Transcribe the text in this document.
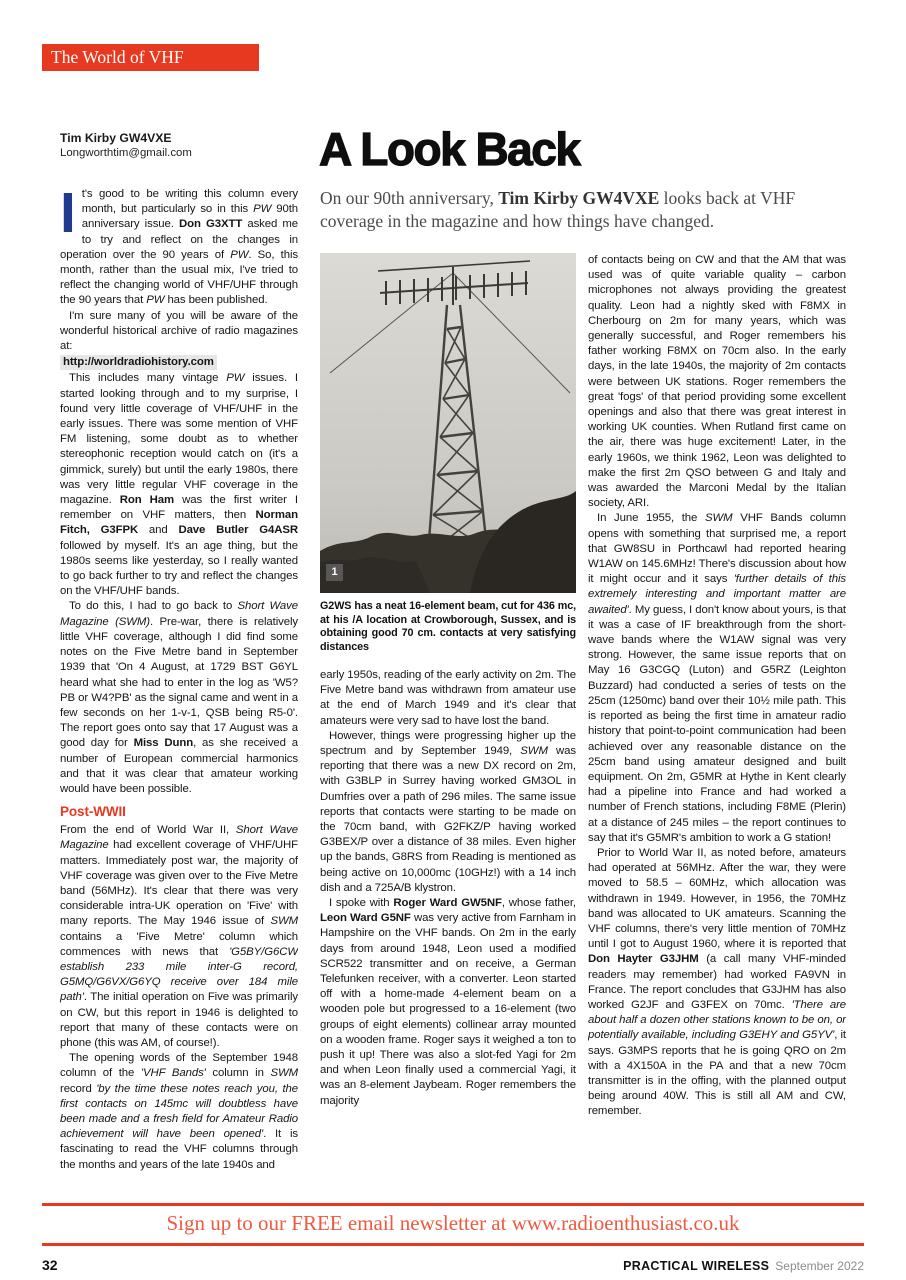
The World of VHF
Tim Kirby GW4VXE
Longworthtim@gmail.com	A Look Back
On our 90th anniversary, Tim Kirby GW4VXE looks back at VHF coverage in the magazine and how things have changed.

It's good to be writing this column every month, but particularly so in this PW 90th anniversary issue. Don G3XTT asked me to try and reflect on the changes in operation over the 90 years of PW. So, this month, rather than the usual mix, I've tried to reflect the changing world of VHF/UHF through the 90 years that PW has been published.

I'm sure many of you will be aware of the wonderful historical archive of radio magazines at:

http://worldradiohistory.com

This includes many vintage PW issues. I started looking through and to my surprise, I found very little coverage of VHF/UHF in the early issues. There was some mention of VHF FM listening, some doubt as to whether stereophonic reception would catch on (it's a gimmick, surely) but until the early 1980s, there was very little regular VHF coverage in the magazine. Ron Ham was the first writer I remember on VHF matters, then Norman Fitch, G3FPK and Dave Butler G4ASR followed by myself. It's an age thing, but the 1980s seems like yesterday, so I really wanted to go back further to try and reflect the changes on the VHF/UHF bands.

To do this, I had to go back to Short Wave Magazine (SWM). Pre-war, there is relatively little VHF coverage, although I did find some notes on the Five Metre band in September 1939 that 'On 4 August, at 1729 BST G6YL heard what she had to enter in the log as 'W5?PB or W4?PB' as the signal came and went in a few seconds on her 1-v-1, QSB being R5-0'. The report goes onto say that 17 August was a good day for Miss Dunn, as she received a number of European commercial harmonics and that it was clear that amateur working would have been possible.

Post-WWII

From the end of World War II, Short Wave Magazine had excellent coverage of VHF/UHF matters. Immediately post war, the majority of VHF coverage was given over to the Five Metre band (56MHz). It's clear that there was very considerable intra-UK operation on 'Five' with many reports. The May 1946 issue of SWM contains a 'Five Metre' column which commences with news that 'G5BY/G6CW establish 233 mile inter-G record, G5MQ/G6VX/G6YQ receive over 184 mile path'. The initial operation on Five was primarily on CW, but this report in 1946 is delighted to report that many of these contacts were on phone (this was AM, of course!).

The opening words of the September 1948 column of the 'VHF Bands' column in SWM record 'by the time these notes reach you, the first contacts on 145mc will doubtless have been made and a fresh field for Amateur Radio achievement will have been opened'. It is fascinating to read the VHF columns through the months and years of the late 1940s and

1
G2WS has a neat 16-element beam, cut for 436 mc, at his /A location at Crowborough, Sussex, and is obtaining good 70 cm. contacts at very satisfying distances

early 1950s, reading of the early activity on 2m. The Five Metre band was withdrawn from amateur use at the end of March 1949 and it's clear that amateurs were very sad to have lost the band.

However, things were progressing higher up the spectrum and by September 1949, SWM was reporting that there was a new DX record on 2m, with G3BLP in Surrey having worked GM3OL in Dumfries over a path of 296 miles. The same issue reports that contacts were starting to be made on the 70cm band, with G2FKZ/P having worked G3BEX/P over a distance of 38 miles. Even higher up the bands, G8RS from Reading is mentioned as being active on 10,000mc (10GHz!) with a 14 inch dish and a 725A/B klystron.

I spoke with Roger Ward GW5NF, whose father, Leon Ward G5NF was very active from Farnham in Hampshire on the VHF bands. On 2m in the early days from around 1948, Leon used a modified SCR522 transmitter and on receive, a German Telefunken receiver, with a converter. Leon started off with a home-made 4-element beam on a wooden pole but progressed to a 16-element (two groups of eight elements) collinear array mounted on a wooden frame. Roger says it weighed a ton to push it up! There was also a slot-fed Yagi for 2m and when Leon finally used a commercial Yagi, it was an 8-element Jaybeam. Roger remembers the majority

of contacts being on CW and that the AM that was used was of quite variable quality – carbon microphones not always providing the greatest quality. Leon had a nightly sked with F8MX in Cherbourg on 2m for many years, which was generally successful, and Roger remembers his father working F8MX on 70cm also. In the early days, in the late 1940s, the majority of 2m contacts were between UK stations. Roger remembers the great 'fogs' of that period providing some excellent openings and also that there was great interest in working UK counties. When Rutland first came on the air, there was huge excitement! Later, in the early 1960s, we think 1962, Leon was delighted to make the first 2m QSO between G and Italy and was awarded the Marconi Medal by the Italian society, ARI.

In June 1955, the SWM VHF Bands column opens with something that surprised me, a report that GW8SU in Porthcawl had reported hearing W1AW on 145.6MHz! There's discussion about how it might occur and it says 'further details of this extremely interesting and important matter are awaited'. My guess, I don't know about yours, is that it was a case of IF breakthrough from the short-wave bands where the W1AW signal was very strong. However, the same issue reports that on May 16 G3CGQ (Luton) and G5RZ (Leighton Buzzard) had conducted a series of tests on the 25cm (1250mc) band over their 10½ mile path. This is reported as being the first time in amateur radio history that point-to-point communication had been achieved over any reasonable distance on the 25cm band using amateur designed and built equipment. On 2m, G5MR at Hythe in Kent clearly had a pipeline into France and had worked a number of French stations, including F8ME (Plerin) at a distance of 245 miles – the report continues to say that it's G5MR's ambition to work a G station!

Prior to World War II, as noted before, amateurs had operated at 56MHz. After the war, they were moved to 58.5 – 60MHz, which allocation was withdrawn in 1949. However, in 1956, the 70MHz band was allocated to UK amateurs. Scanning the VHF columns, there's very little mention of 70MHz until I got to August 1960, where it is reported that Don Hayter G3JHM (a call many VHF-minded readers may remember) had worked FA9VN in France. The report concludes that G3JHM has also worked G2JF and G3FEX on 70mc. 'There are about half a dozen other stations known to be on, or potentially available, including G3EHY and G5YV', it says. G3MPS reports that he is going QRO on 2m with a 4X150A in the PA and that a new 70cm transmitter is in the offing, with the planned output being around 40W. This is still all AM and CW, remember.

Sign up to our FREE email newsletter at www.radioenthusiast.co.uk
32	PRACTICAL WIRELESS September 2022
